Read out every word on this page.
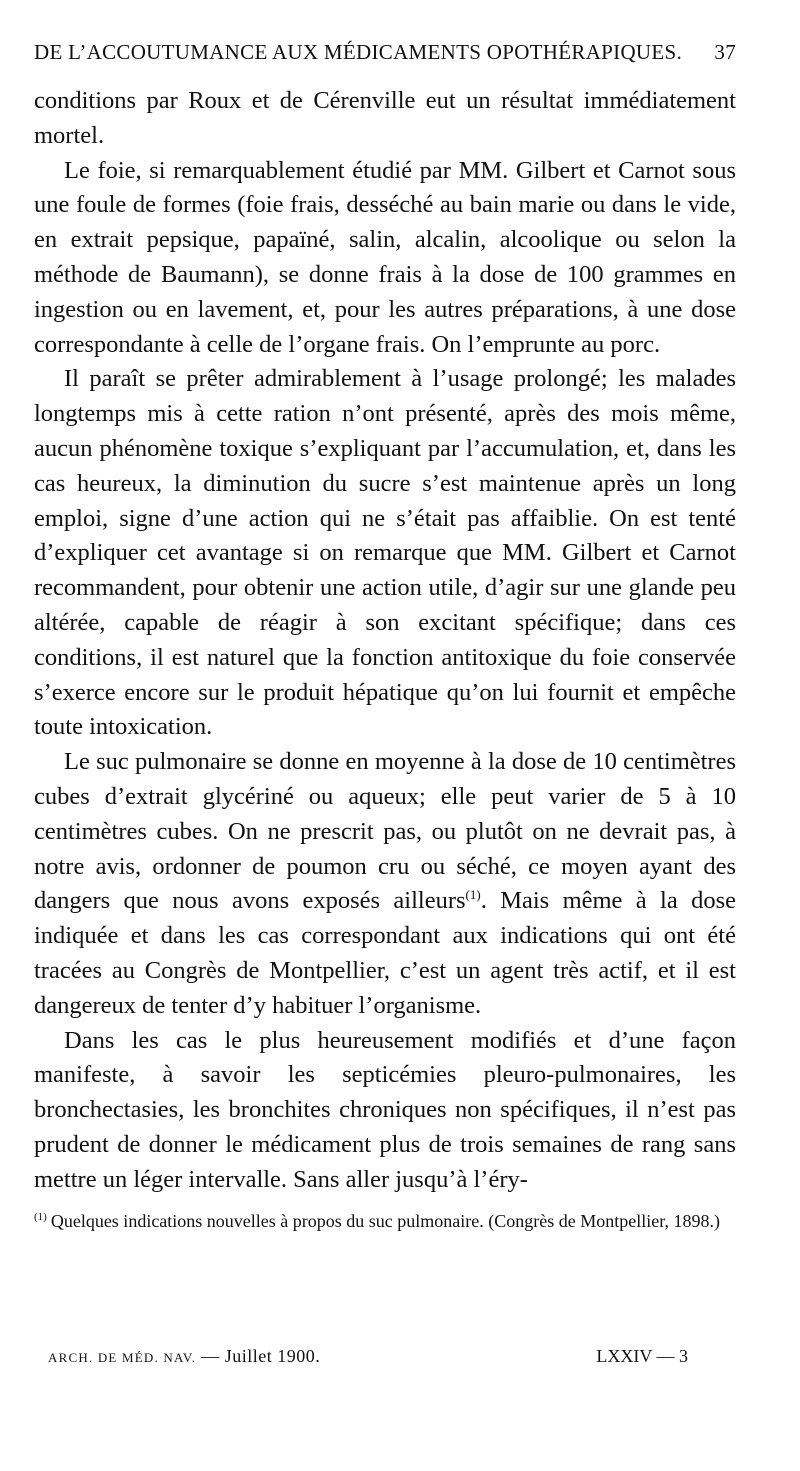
DE L’ACCOUTUMANCE AUX MÉDICAMENTS OPOTHÉRAPIQUES. 37

conditions par Roux et de Cérenville eut un résultat immédiatement mortel.

Le foie, si remarquablement étudié par MM. Gilbert et Carnot sous une foule de formes (foie frais, desséché au bain marie ou dans le vide, en extrait pepsique, papaïné, salin, alcalin, alcoolique ou selon la méthode de Baumann), se donne frais à la dose de 100 grammes en ingestion ou en lavement, et, pour les autres préparations, à une dose correspondante à celle de l’organe frais. On l’emprunte au porc.

Il paraît se prêter admirablement à l’usage prolongé; les malades longtemps mis à cette ration n’ont présenté, après des mois même, aucun phénomène toxique s’expliquant par l’accumulation, et, dans les cas heureux, la diminution du sucre s’est maintenue après un long emploi, signe d’une action qui ne s’était pas affaiblie. On est tenté d’expliquer cet avantage si on remarque que MM. Gilbert et Carnot recommandent, pour obtenir une action utile, d’agir sur une glande peu altérée, capable de réagir à son excitant spécifique; dans ces conditions, il est naturel que la fonction antitoxique du foie conservée s’exerce encore sur le produit hépatique qu’on lui fournit et empêche toute intoxication.

Le suc pulmonaire se donne en moyenne à la dose de 10 centimètres cubes d’extrait glycériné ou aqueux; elle peut varier de 5 à 10 centimètres cubes. On ne prescrit pas, ou plutôt on ne devrait pas, à notre avis, ordonner de poumon cru ou séché, ce moyen ayant des dangers que nous avons exposés ailleurs$^{(1)}$. Mais même à la dose indiquée et dans les cas correspondant aux indications qui ont été tracées au Congrès de Montpellier, c’est un agent très actif, et il est dangereux de tenter d’y habituer l’organisme.

Dans les cas le plus heureusement modifiés et d’une façon manifeste, à savoir les septicémies pleuro-pulmonaires, les bronchectasies, les bronchites chroniques non spécifiques, il n’est pas prudent de donner le médicament plus de trois semaines de rang sans mettre un léger intervalle. Sans aller jusqu’à l’éry-

$^{(1)}$ Quelques indications nouvelles à propos du suc pulmonaire. (Congrès de Montpellier, 1898.)
ARCH. DE MÉD. NAV. — Juillet 1900.	LXXIV — 3
